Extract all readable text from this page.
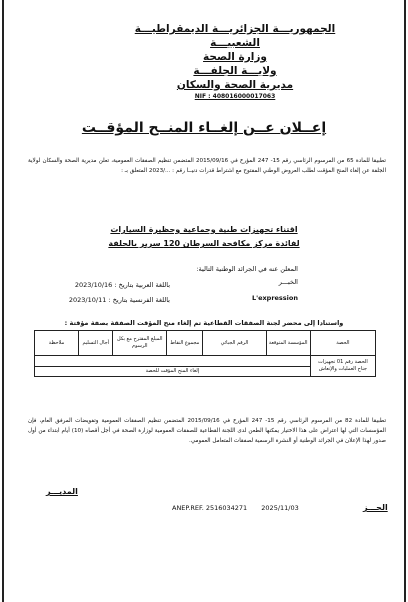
الجمهوريـــة الجزائريـــة الديمقراطيـــة الشعبيـــة
وزارة الصحة
ولايـــة الجلفـــة
مديرية الصحة والسكان
NIF : 408016000017063
إعــلان عــن إلغــاء المنــح المؤقــت
تطبيقا للمادة 65 من المرسوم الرئاسي رقم 15- 247 المؤرخ في 2015/09/16 المتضمن تنظيم الصفقات العمومية، تعلن مديرية الصحة والسكان لولاية الجلفة عن إلغاء المنح المؤقت لطلب العروض الوطني المفتوح مع اشتراط قدرات دنيــا رقم : .../2023 المتعلق بـ :
اقتناء تجهيزات طبية وجماعية وحظيرة السيارات
لفائدة مركز مكافحة السرطان 120 سرير بالجلفة
المعلن عنه في الجرائد الوطنية التالية:
الخبـــر
باللغة العربية بتاريخ : 2023/10/16
L'expression
باللغة الفرنسية بتاريخ : 2023/10/11
واستنادا إلى محضر لجنة الصفقات القطاعية تم إلغاء منح المؤقت الصفقة بصفة مؤقتة :
الحصة	المؤسسة المتوقعة	الرقم الجبائي	مجموع النقاط	المبلغ المقترح مع بكل الرسوم	أجال التسليم	ملاحظة
الحصة رقم 01 تجهيزات جناح العمليات والإنعاش						
	إلغاء المنح المؤقت للحصة					
تطبيقا للمادة 82 من المرسوم الرئاسي رقم 15- 247 المؤرخ في 2015/09/16 المتضمن تنظيم الصفقات العمومية وتفويضات المرفق العام، فإن المؤسسات التي لها اعتراض على هذا الاختيار يمكنها الطعن لدى اللجنة القطاعية للصفقات العمومية لوزارة الصحة في أجل أقصاه (10) أيام ابتداء من أول صدور لهذا الإعلان في الجرائد الوطنية أو النشرة الرسمية لصفقات المتعامل العمومي.
المديـــر
ANEP.REF. 2516034271 2025/11/03	الحـــز
